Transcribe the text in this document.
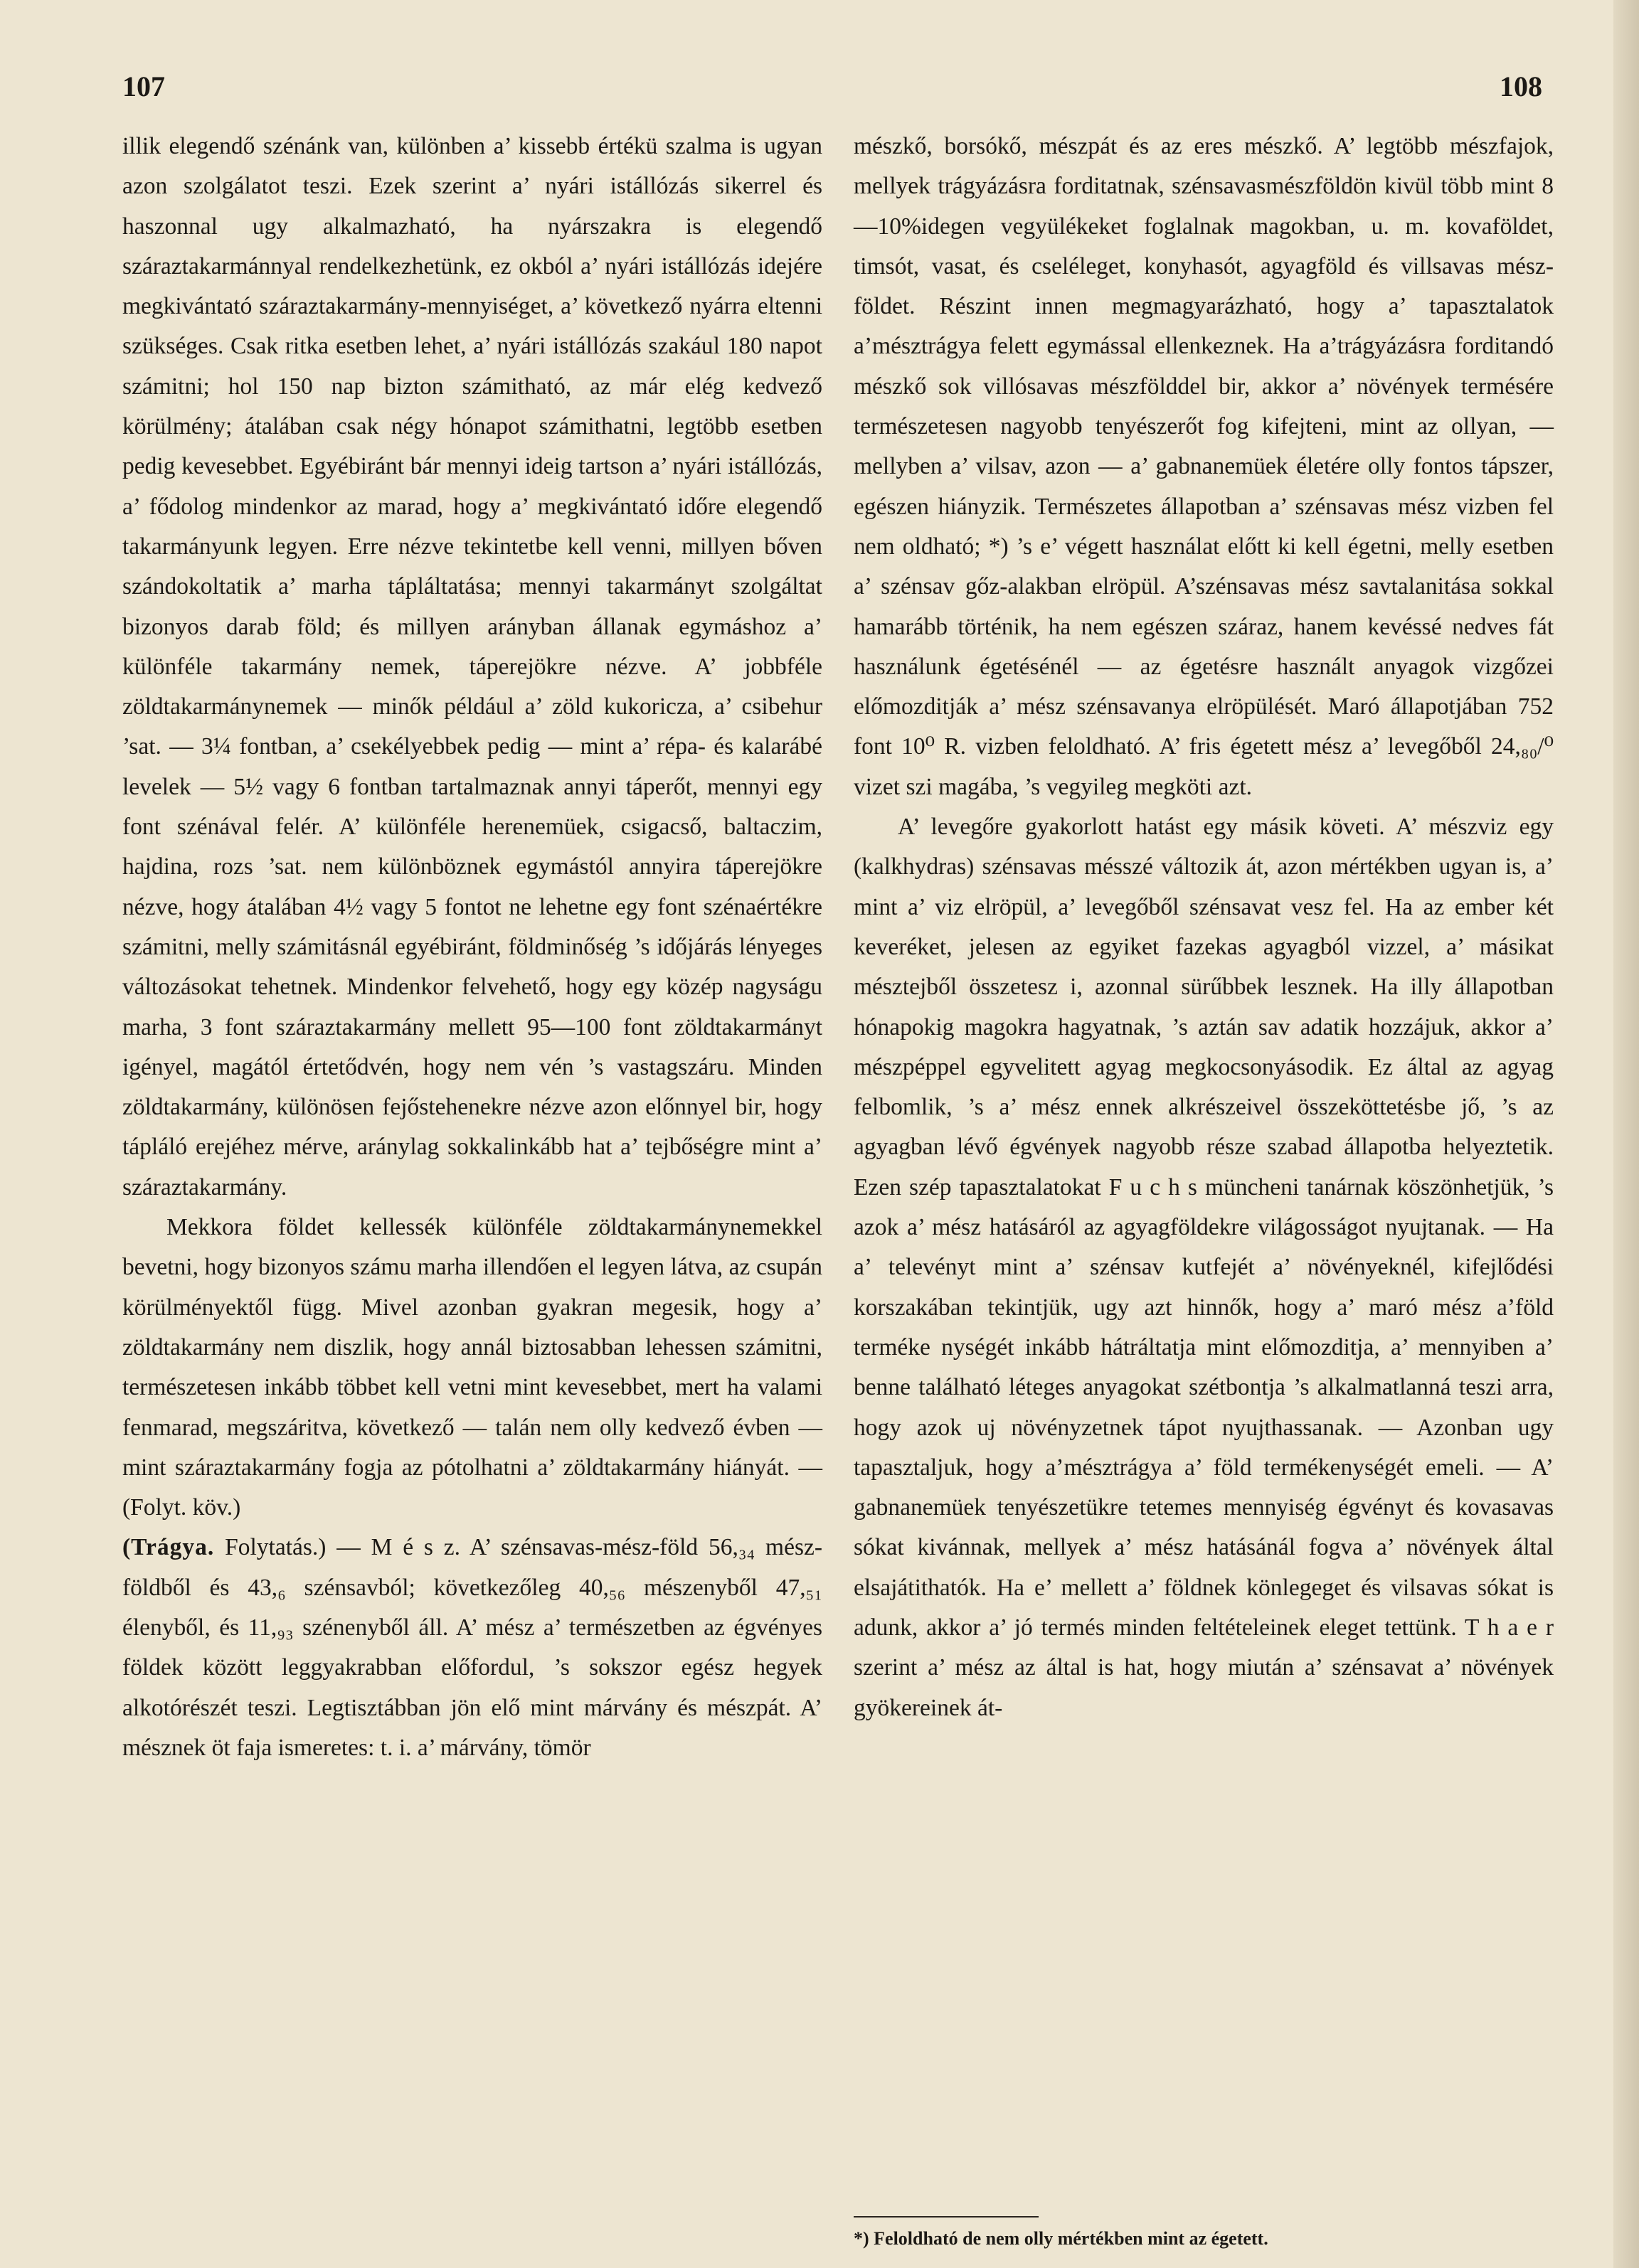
107	108

illik elegendő szénánk van, különben a’ kissebb értékü szalma is ugyan azon szolgálatot teszi. Ezek szerint a’ nyári istállózás sikerrel és haszonnal ugy alkalmazható, ha nyárszakra is elegendő száraztakarmánnyal rendelkezhetünk, ez okból a’ nyári istállózás idejére megkivántató száraztakarmány-mennyiséget, a’ következő nyárra eltenni szükséges. Csak ritka esetben lehet, a’ nyári istállózás szakául 180 napot számitni; hol 150 nap bizton számitható, az már elég kedvező körülmény; átalában csak négy hónapot számithatni, legtöbb esetben pedig kevesebbet. Egyébiránt bár mennyi ideig tartson a’ nyári istállózás, a’ fődolog mindenkor az marad, hogy a’ megkivántató időre elegendő takarmányunk legyen. Erre nézve tekintetbe kell venni, millyen bőven szándokoltatik a’ marha tápláltatása; mennyi takarmányt szolgáltat bizonyos darab föld; és millyen arányban állanak egymáshoz a’ különféle takarmány nemek, táperejökre nézve. A’ jobbféle zöldtakarmánynemek — minők például a’ zöld kukoricza, a’ csibehur ’sat. — 3¼ fontban, a’ csekélyebbek pedig — mint a’ répa- és kalarábé levelek — 5½ vagy 6 fontban tartalmaznak annyi táperőt, mennyi egy font szénával felér. A’ különféle herenemüek, csigacső, baltaczim, hajdina, rozs ’sat. nem különböznek egymástól annyira táperejökre nézve, hogy átalában 4½ vagy 5 fontot ne lehetne egy font szénaértékre számitni, melly számitásnál egyébiránt, földminőség ’s időjárás lényeges változásokat tehetnek. Mindenkor felvehető, hogy egy közép nagyságu marha, 3 font száraztakarmány mellett 95—100 font zöldtakarmányt igényel, magától értetődvén, hogy nem vén ’s vastagszáru. Minden zöldtakarmány, különösen fejőstehenekre nézve azon előnnyel bir, hogy tápláló erejéhez mérve, aránylag sokkalinkább hat a’ tejbőségre mint a’ száraztakarmány.

Mekkora földet kellessék különféle zöldtakarmánynemekkel bevetni, hogy bizonyos számu marha illendően el legyen látva, az csupán körülményektől függ. Mivel azonban gyakran megesik, hogy a’ zöldtakarmány nem diszlik, hogy annál biztosabban lehessen számitni, természetesen inkább többet kell vetni mint kevesebbet, mert ha valami fenmarad, megszáritva, következő — talán nem olly kedvező évben — mint száraztakarmány fogja az pótolhatni a’ zöldtakarmány hiányát. — (Folyt. köv.)

(Trágya. Folytatás.) — M é s z. A’ szénsavas-mész-föld 56,₃₄ mész-földből és 43,₆ szénsavból; következőleg 40,₅₆ mészenyből 47,₅₁ élenyből, és 11,₉₃ szénenyből áll. A’ mész a’ természetben az égvényes földek között leggyakrabban előfordul, ’s sokszor egész hegyek alkotórészét teszi. Legtisztábban jön elő mint márvány és mészpát. A’ mésznek öt faja ismeretes: t. i. a’ márvány, tömör

mészkő, borsókő, mészpát és az eres mészkő. A’ legtöbb mészfajok, mellyek trágyázásra forditatnak, szénsavasmészföldön kivül több mint 8—10%idegen vegyülékeket foglalnak magokban, u. m. kovaföldet, timsót, vasat, és cseléleget, konyhasót, agyagföld és villsavas mész-földet. Részint innen megmagyarázható, hogy a’ tapasztalatok a’mésztrágya felett egymással ellenkeznek. Ha a’trágyázásra forditandó mészkő sok villósavas mészfölddel bir, akkor a’ növények termésére természetesen nagyobb tenyészerőt fog kifejteni, mint az ollyan, — mellyben a’ vilsav, azon — a’ gabnanemüek életére olly fontos tápszer, egészen hiányzik. Természetes állapotban a’ szénsavas mész vizben fel nem oldható; *) ’s e’ végett használat előtt ki kell égetni, melly esetben a’ szénsav gőz-alakban elröpül. A’szénsavas mész savtalanitása sokkal hamarább történik, ha nem egészen száraz, hanem kevéssé nedves fát használunk égetésénél — az égetésre használt anyagok vizgőzei előmozditják a’ mész szénsavanya elröpülését. Maró állapotjában 752 font 10⁰ R. vizben feloldható. A’ fris égetett mész a’ levegőből 24,₈₀/⁰ vizet szi magába, ’s vegyileg megköti azt.

A’ levegőre gyakorlott hatást egy másik követi. A’ mészviz egy (kalkhydras) szénsavas mésszé változik át, azon mértékben ugyan is, a’ mint a’ viz elröpül, a’ levegőből szénsavat vesz fel. Ha az ember két keveréket, jelesen az egyiket fazekas agyagból vizzel, a’ másikat mésztejből összetesz i, azonnal sürűbbek lesznek. Ha illy állapotban hónapokig magokra hagyatnak, ’s aztán sav adatik hozzájuk, akkor a’ mészpéppel egyvelitett agyag megkocsonyásodik. Ez által az agyag felbomlik, ’s a’ mész ennek alkrészeivel összeköttetésbe jő, ’s az agyagban lévő égvények nagyobb része szabad állapotba helyeztetik. Ezen szép tapasztalatokat F u c h s müncheni tanárnak köszönhetjük, ’s azok a’ mész hatásáról az agyagföldekre világosságot nyujtanak. — Ha a’ televényt mint a’ szénsav kutfejét a’ növényeknél, kifejlődési korszakában tekintjük, ugy azt hinnők, hogy a’ maró mész a’föld terméke nységét inkább hátráltatja mint előmozditja, a’ mennyiben a’ benne található léteges anyagokat szétbontja ’s alkalmatlanná teszi arra, hogy azok uj növényzetnek tápot nyujthassanak. — Azonban ugy tapasztaljuk, hogy a’mésztrágya a’ föld termékenységét emeli. — A’ gabnanemüek tenyészetükre tetemes mennyiség égvényt és kovasavas sókat kivánnak, mellyek a’ mész hatásánál fogva a’ növények által elsajátithatók. Ha e’ mellett a’ földnek könlegeget és vilsavas sókat is adunk, akkor a’ jó termés minden feltételeinek eleget tettünk. T h a e r szerint a’ mész az által is hat, hogy miután a’ szénsavat a’ növények gyökereinek át-

*) Feloldható de nem olly mértékben mint az égetett.
